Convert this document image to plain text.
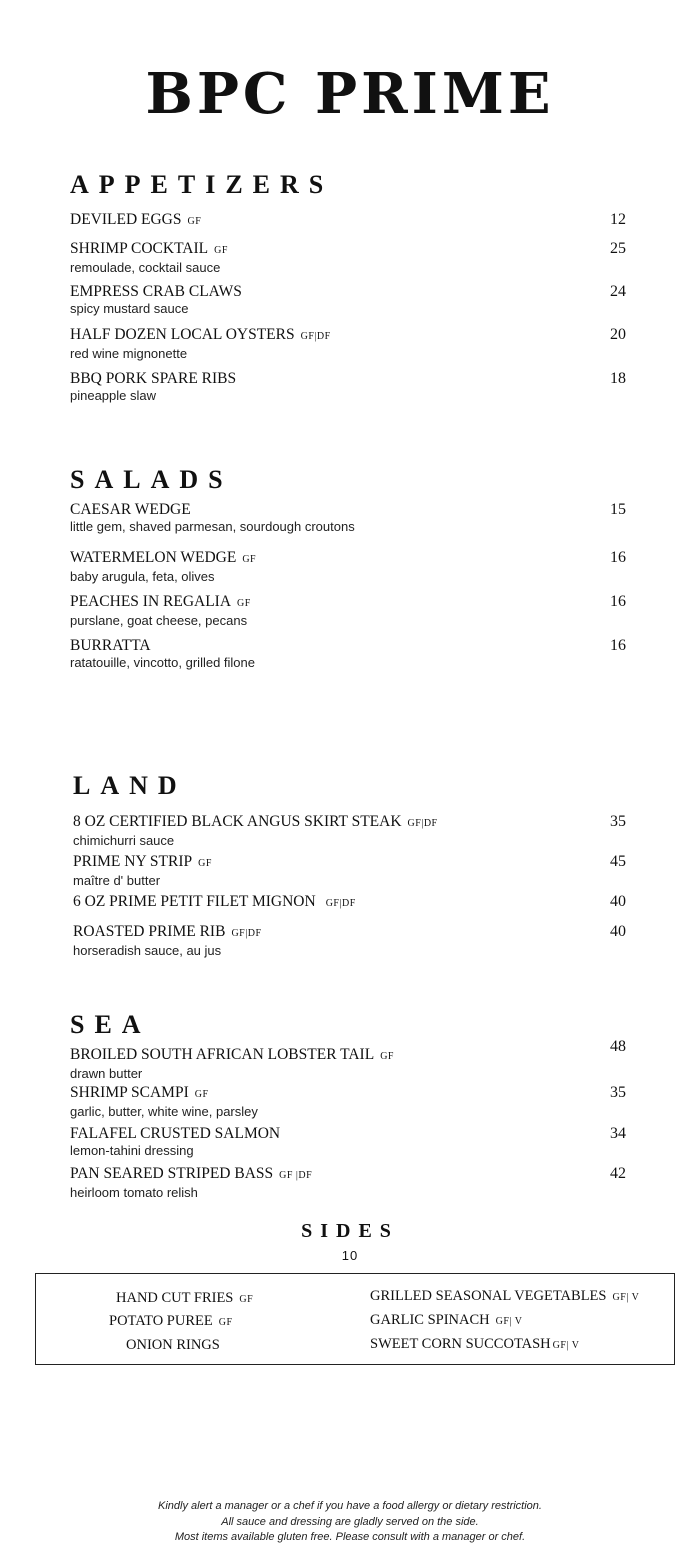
BPC PRIME
APPETIZERS
DEVILED EGGS GF	12
SHRIMP COCKTAIL GF
remoulade, cocktail sauce
25
EMPRESS CRAB CLAWS
spicy mustard sauce
24
HALF DOZEN LOCAL OYSTERS GF|DF
red wine mignonette
20
BBQ PORK SPARE RIBS
pineapple slaw
18
SALADS
CAESAR WEDGE
little gem, shaved parmesan, sourdough croutons
15
WATERMELON WEDGE GF
baby arugula, feta, olives
16
PEACHES IN REGALIA GF
purslane, goat cheese, pecans
16
BURRATTA
ratatouille, vincotto, grilled filone
16
LAND
8 OZ CERTIFIED BLACK ANGUS SKIRT STEAK GF|DF
chimichurri sauce
35
PRIME NY STRIP GF
maître d' butter
45
6 OZ PRIME PETIT FILET MIGNON GF|DF	40
ROASTED PRIME RIB GF|DF
horseradish sauce, au jus
40
SEA
BROILED SOUTH AFRICAN LOBSTER TAIL GF
drawn butter
48
SHRIMP SCAMPI GF
garlic, butter, white wine, parsley
35
FALAFEL CRUSTED SALMON
lemon-tahini dressing
34
PAN SEARED STRIPED BASS GF |DF
heirloom tomato relish
42
SIDES
10
HAND CUT FRIES GF
POTATO PUREE GF
ONION RINGS
GRILLED SEASONAL VEGETABLES GF| V
GARLIC SPINACH GF| V
SWEET CORN SUCCOTASH GF| V
Kindly alert a manager or a chef if you have a food allergy or dietary restriction.
All sauce and dressing are gladly served on the side.
Most items available gluten free. Please consult with a manager or chef.
